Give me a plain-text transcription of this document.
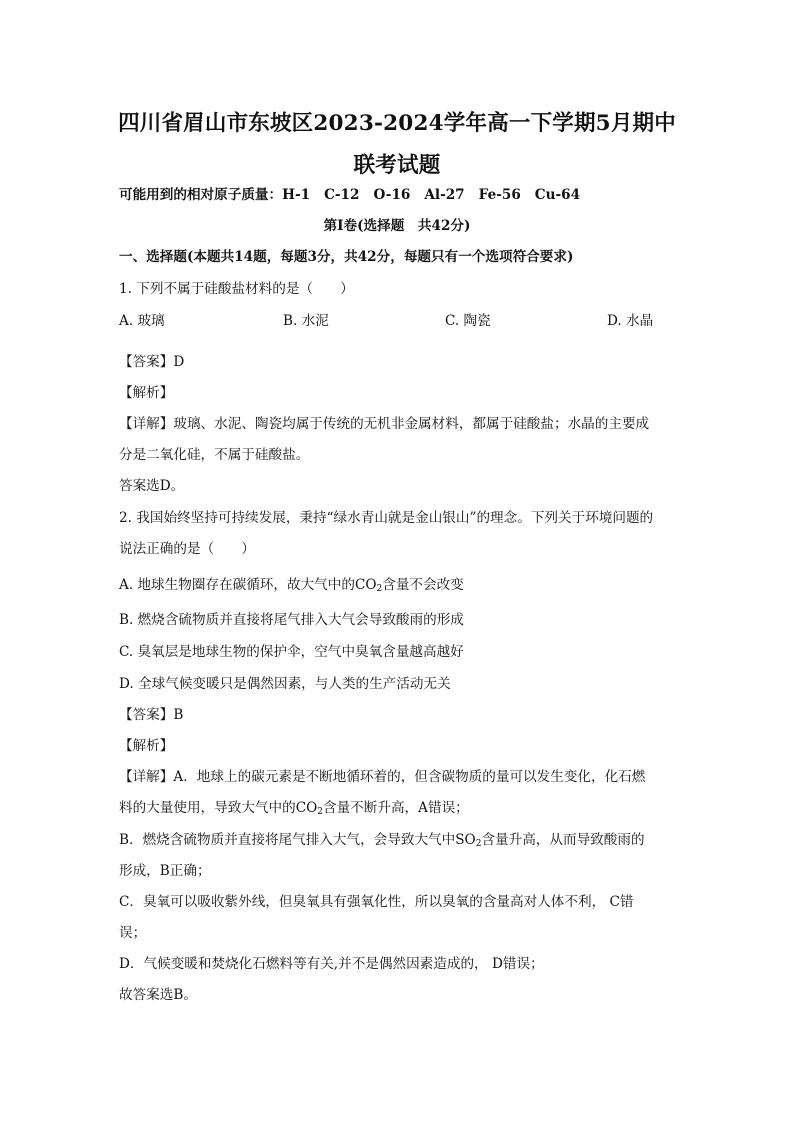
四川省眉山市东坡区2023-2024学年高一下学期5月期中
联考试题
可能用到的相对原子质量：H-1 C-12 O-16 Al-27 Fe-56 Cu-64
第Ⅰ卷(选择题　共42分)
一、选择题(本题共14题，每题3分，共42分，每题只有一个选项符合要求)
1. 下列不属于硅酸盐材料的是（　　）
A. 玻璃	B. 水泥	C. 陶瓷	D. 水晶
【答案】D
【解析】
【详解】玻璃、水泥、陶瓷均属于传统的无机非金属材料，都属于硅酸盐；水晶的主要成
分是二氧化硅，不属于硅酸盐。
答案选D。
2. 我国始终坚持可持续发展，秉持“绿水青山就是金山银山”的理念。下列关于环境问题的
说法正确的是（　　）
A. 地球生物圈存在碳循环，故大气中的$CO_2$含量不会改变
B. 燃烧含硫物质并直接将尾气排入大气会导致酸雨的形成
C. 臭氧层是地球生物的保护伞，空气中臭氧含量越高越好
D. 全球气候变暖只是偶然因素，与人类的生产活动无关
【答案】B
【解析】
【详解】A．地球上的碳元素是不断地循环着的，但含碳物质的量可以发生变化，化石燃
料的大量使用，导致大气中的$CO_2$含量不断升高，A错误；
B．燃烧含硫物质并直接将尾气排入大气，会导致大气中$SO_2$含量升高，从而导致酸雨的
形成，B正确；
C．臭氧可以吸收紫外线，但臭氧具有强氧化性，所以臭氧的含量高对人体不利， C错
误；
D．气候变暖和焚烧化石燃料等有关,并不是偶然因素造成的， D错误；
故答案选B。
